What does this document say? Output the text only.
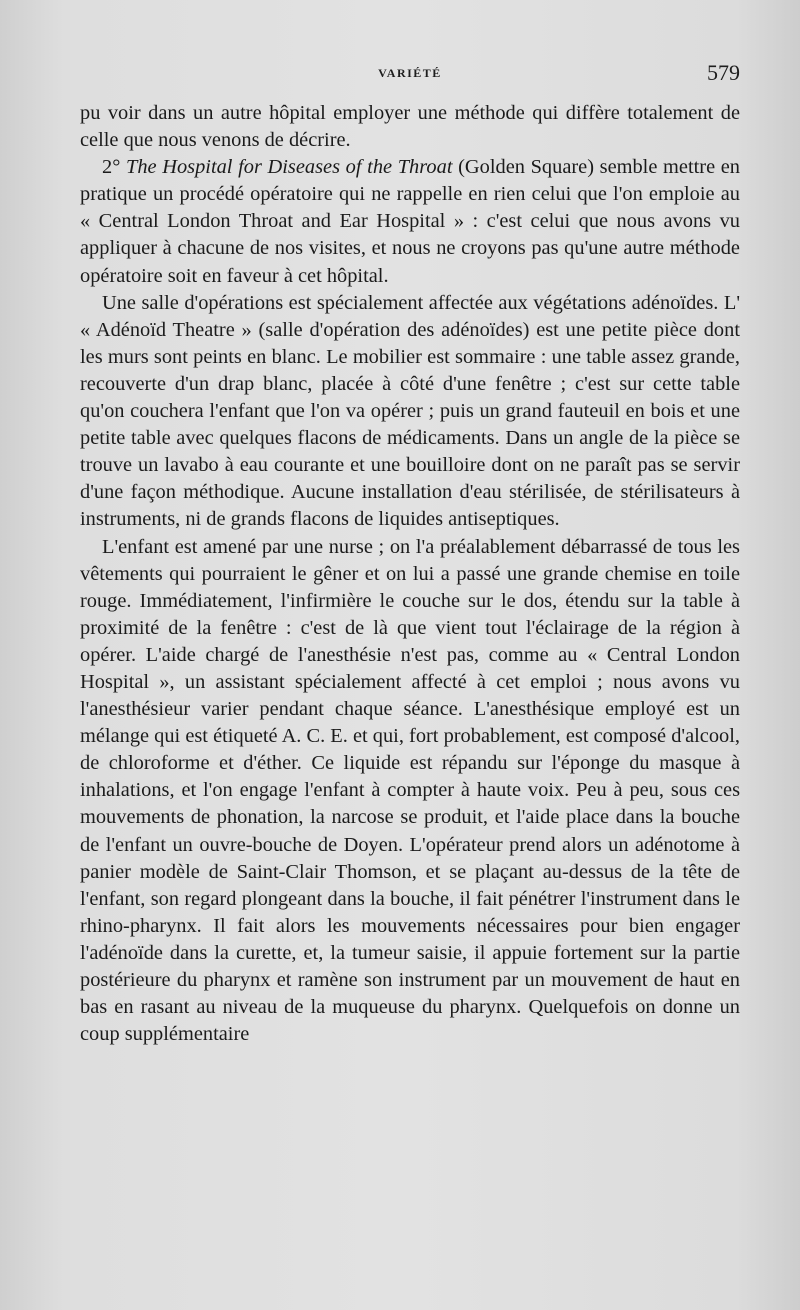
VARIÉTÉ	579

pu voir dans un autre hôpital employer une méthode qui diffère totalement de celle que nous venons de décrire.

2° The Hospital for Diseases of the Throat (Golden Square) semble mettre en pratique un procédé opératoire qui ne rappelle en rien celui que l'on emploie au « Central London Throat and Ear Hospital » : c'est celui que nous avons vu appliquer à chacune de nos visites, et nous ne croyons pas qu'une autre méthode opératoire soit en faveur à cet hôpital.

Une salle d'opérations est spécialement affectée aux végétations adénoïdes. L' « Adénoïd Theatre » (salle d'opération des adénoïdes) est une petite pièce dont les murs sont peints en blanc. Le mobilier est sommaire : une table assez grande, recouverte d'un drap blanc, placée à côté d'une fenêtre ; c'est sur cette table qu'on couchera l'enfant que l'on va opérer ; puis un grand fauteuil en bois et une petite table avec quelques flacons de médicaments. Dans un angle de la pièce se trouve un lavabo à eau courante et une bouilloire dont on ne paraît pas se servir d'une façon méthodique. Aucune installation d'eau stérilisée, de stérilisateurs à instruments, ni de grands flacons de liquides antiseptiques.

L'enfant est amené par une nurse ; on l'a préalablement débarrassé de tous les vêtements qui pourraient le gêner et on lui a passé une grande chemise en toile rouge. Immédiatement, l'infirmière le couche sur le dos, étendu sur la table à proximité de la fenêtre : c'est de là que vient tout l'éclairage de la région à opérer. L'aide chargé de l'anesthésie n'est pas, comme au « Central London Hospital », un assistant spécialement affecté à cet emploi ; nous avons vu l'anesthésieur varier pendant chaque séance. L'anesthésique employé est un mélange qui est étiqueté A. C. E. et qui, fort probablement, est composé d'alcool, de chloroforme et d'éther. Ce liquide est répandu sur l'éponge du masque à inhalations, et l'on engage l'enfant à compter à haute voix. Peu à peu, sous ces mouvements de phonation, la narcose se produit, et l'aide place dans la bouche de l'enfant un ouvre-bouche de Doyen. L'opérateur prend alors un adénotome à panier modèle de Saint-Clair Thomson, et se plaçant au-dessus de la tête de l'enfant, son regard plongeant dans la bouche, il fait pénétrer l'instrument dans le rhino-pharynx. Il fait alors les mouvements nécessaires pour bien engager l'adénoïde dans la curette, et, la tumeur saisie, il appuie fortement sur la partie postérieure du pharynx et ramène son instrument par un mouvement de haut en bas en rasant au niveau de la muqueuse du pharynx. Quelquefois on donne un coup supplémentaire
